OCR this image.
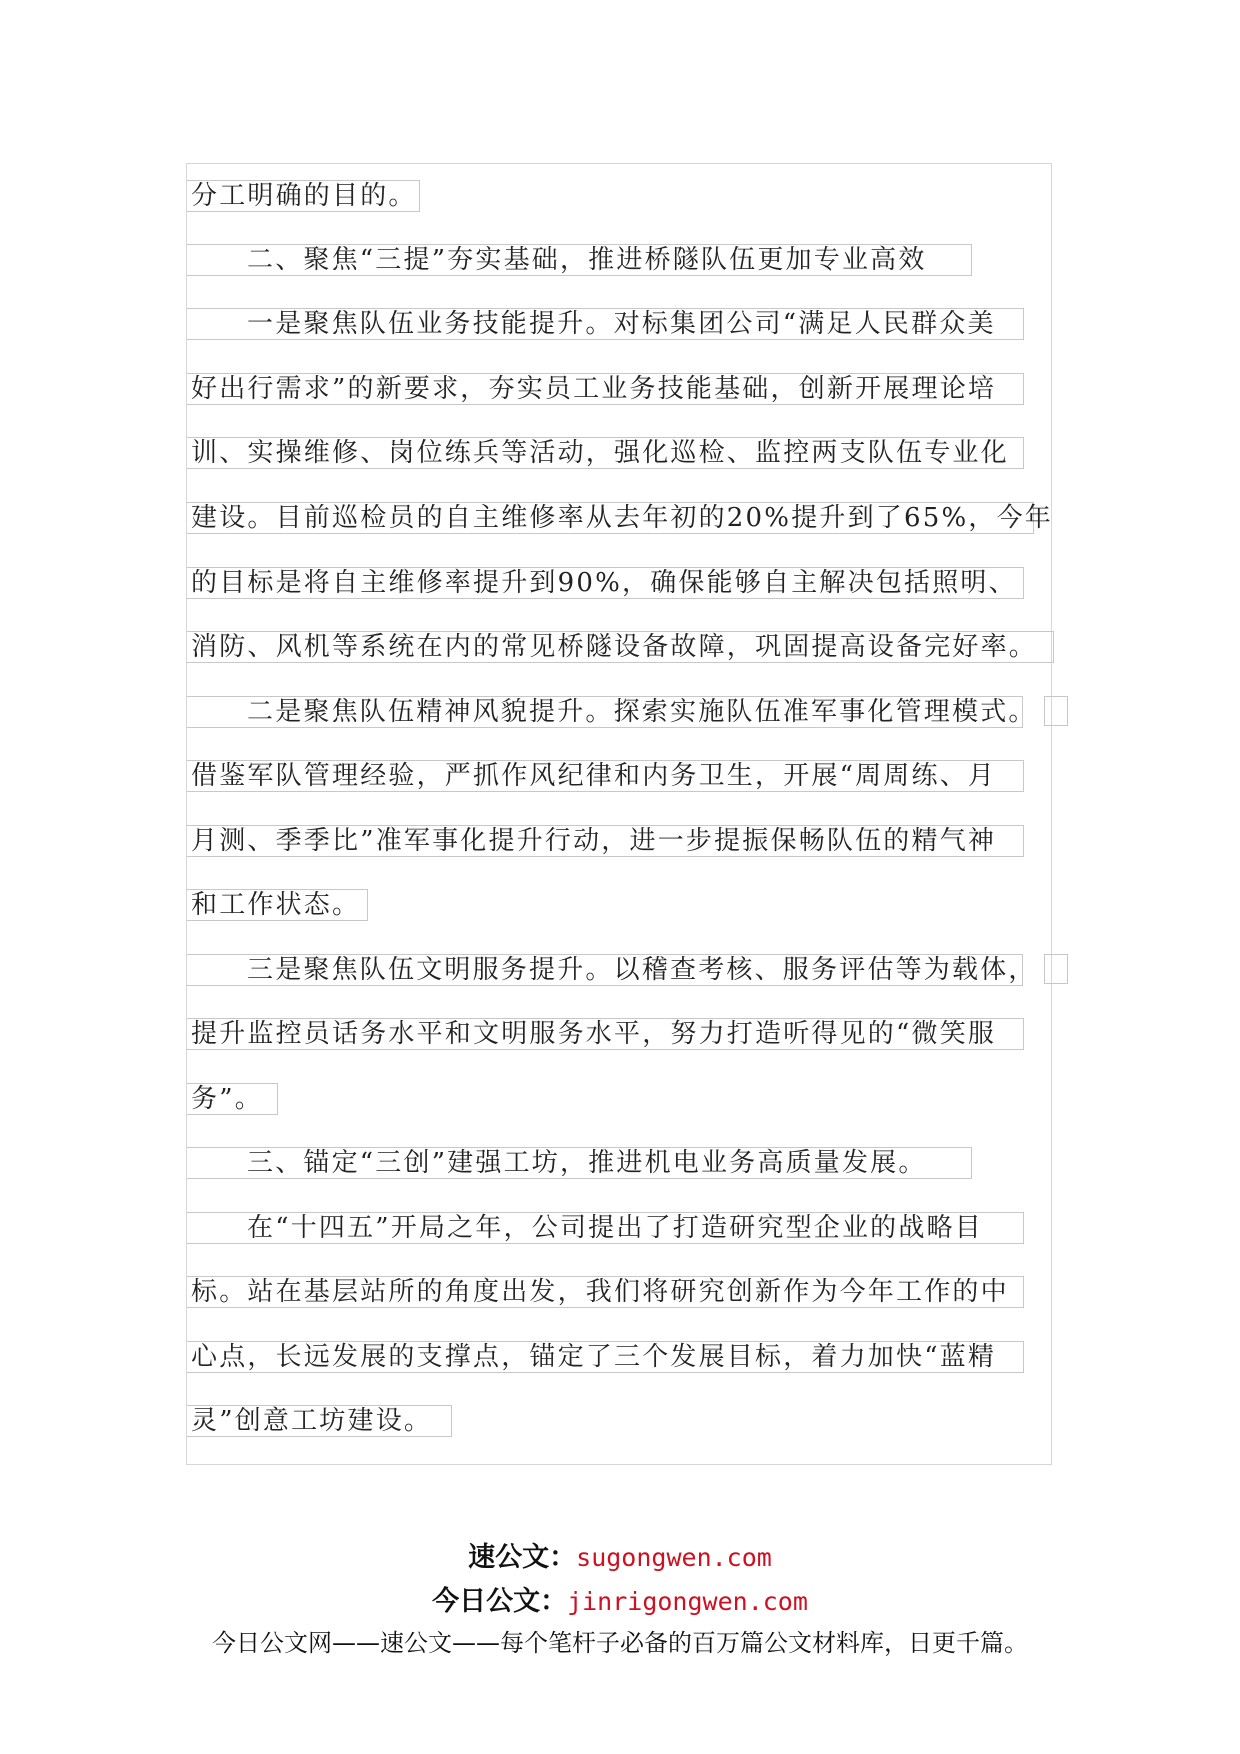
分工明确的目的。
二、聚焦“三提”夯实基础，推进桥隧队伍更加专业高效
一是聚焦队伍业务技能提升。对标集团公司“满足人民群众美
好出行需求”的新要求，夯实员工业务技能基础，创新开展理论培
训、实操维修、岗位练兵等活动，强化巡检、监控两支队伍专业化
建设。目前巡检员的自主维修率从去年初的20%提升到了65%，今年
的目标是将自主维修率提升到90%，确保能够自主解决包括照明、
消防、风机等系统在内的常见桥隧设备故障，巩固提高设备完好率。
二是聚焦队伍精神风貌提升。探索实施队伍准军事化管理模式。
借鉴军队管理经验，严抓作风纪律和内务卫生，开展“周周练、月
月测、季季比”准军事化提升行动，进一步提振保畅队伍的精气神
和工作状态。
三是聚焦队伍文明服务提升。以稽查考核、服务评估等为载体，
提升监控员话务水平和文明服务水平，努力打造听得见的“微笑服
务”。
三、锚定“三创”建强工坊，推进机电业务高质量发展。
在“十四五”开局之年，公司提出了打造研究型企业的战略目
标。站在基层站所的角度出发，我们将研究创新作为今年工作的中
心点，长远发展的支撑点，锚定了三个发展目标，着力加快“蓝精
灵”创意工坊建设。
速公文：sugongwen.com
今日公文：jinrigongwen.com
今日公文网——速公文——每个笔杆子必备的百万篇公文材料库，日更千篇。
